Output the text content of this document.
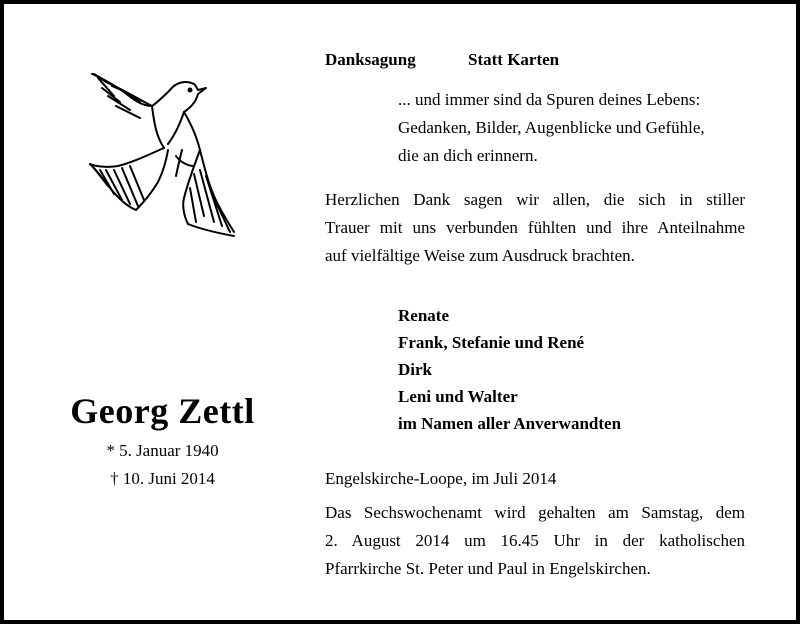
Georg Zettl
* 5. Januar 1940
† 10. Juni 2014
Danksagung	Statt Karten
... und immer sind da Spuren deines Lebens:
Gedanken, Bilder, Augenblicke und Gefühle,
die an dich erinnern.
Herzlichen Dank sagen wir allen, die sich in stiller
Trauer mit uns verbunden fühlten und ihre Anteilnahme
auf vielfältige Weise zum Ausdruck brachten.
Renate
Frank, Stefanie und René
Dirk
Leni und Walter
im Namen aller Anverwandten
Engelskirche-Loope, im Juli 2014
Das Sechswochenamt wird gehalten am Samstag, dem
2. August 2014 um 16.45 Uhr in der katholischen
Pfarrkirche St. Peter und Paul in Engelskirchen.
